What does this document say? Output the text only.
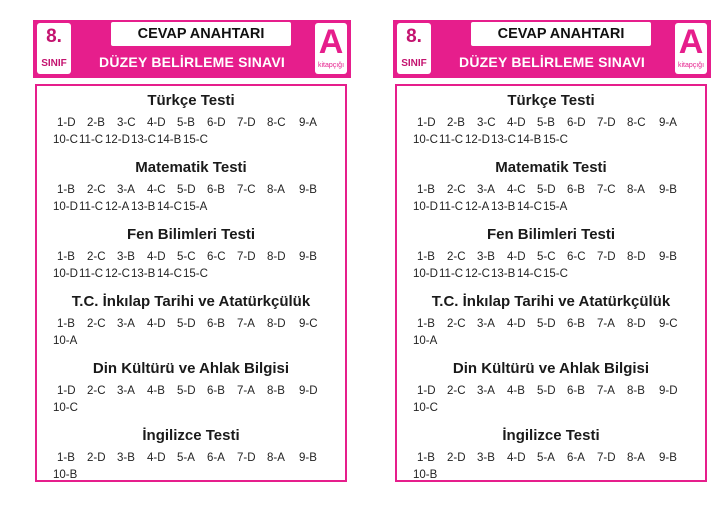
8.
SINIF
CEVAP ANAHTARI
DÜZEY BELİRLEME SINAVI
A
kitapçığı
Türkçe Testi
1-D 2-B 3-C 4-D 5-B 6-D 7-D 8-C 9-A
10-C 11-C 12-D 13-C 14-B 15-C
Matematik Testi
1-B 2-C 3-A 4-C 5-D 6-B 7-C 8-A 9-B
10-D 11-C 12-A 13-B 14-C 15-A
Fen Bilimleri Testi
1-B 2-C 3-B 4-D 5-C 6-C 7-D 8-D 9-B
10-D 11-C 12-C 13-B 14-C 15-C
T.C. İnkılap Tarihi ve Atatürkçülük
1-B 2-C 3-A 4-D 5-D 6-B 7-A 8-D 9-C
10-A
Din Kültürü ve Ahlak Bilgisi
1-D 2-C 3-A 4-B 5-D 6-B 7-A 8-B 9-D
10-C
İngilizce Testi
1-B 2-D 3-B 4-D 5-A 6-A 7-D 8-A 9-B
10-B
8.
SINIF
CEVAP ANAHTARI
DÜZEY BELİRLEME SINAVI
A
kitapçığı
Türkçe Testi
1-D 2-B 3-C 4-D 5-B 6-D 7-D 8-C 9-A
10-C 11-C 12-D 13-C 14-B 15-C
Matematik Testi
1-B 2-C 3-A 4-C 5-D 6-B 7-C 8-A 9-B
10-D 11-C 12-A 13-B 14-C 15-A
Fen Bilimleri Testi
1-B 2-C 3-B 4-D 5-C 6-C 7-D 8-D 9-B
10-D 11-C 12-C 13-B 14-C 15-C
T.C. İnkılap Tarihi ve Atatürkçülük
1-B 2-C 3-A 4-D 5-D 6-B 7-A 8-D 9-C
10-A
Din Kültürü ve Ahlak Bilgisi
1-D 2-C 3-A 4-B 5-D 6-B 7-A 8-B 9-D
10-C
İngilizce Testi
1-B 2-D 3-B 4-D 5-A 6-A 7-D 8-A 9-B
10-B
